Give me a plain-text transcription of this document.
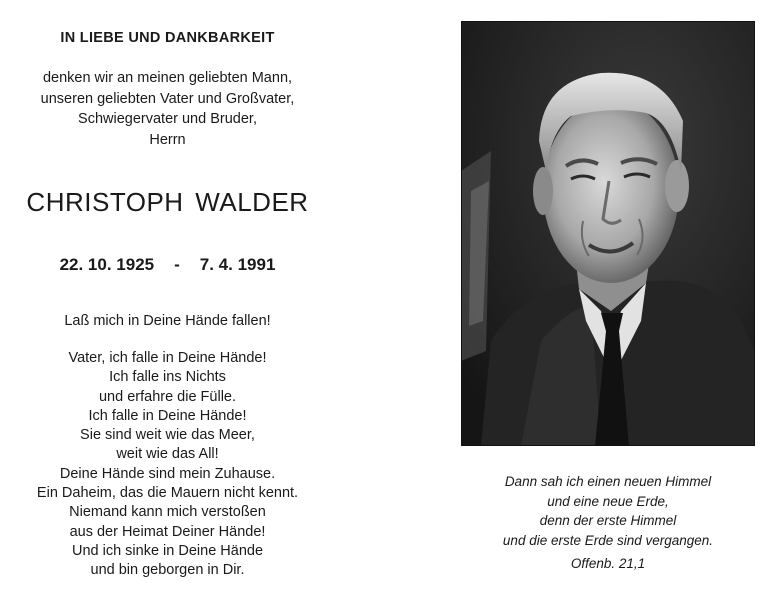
IN LIEBE UND DANKBARKEIT
denken wir an meinen geliebten Mann,
unseren geliebten Vater und Großvater,
Schwiegervater und Bruder,
Herrn
CHRISTOPH WALDER
22. 10. 1925 - 7. 4. 1991
Laß mich in Deine Hände fallen!
Vater, ich falle in Deine Hände!
Ich falle ins Nichts
und erfahre die Fülle.
Ich falle in Deine Hände!
Sie sind weit wie das Meer,
weit wie das All!
Deine Hände sind mein Zuhause.
Ein Daheim, das die Mauern nicht kennt.
Niemand kann mich verstoßen
aus der Heimat Deiner Hände!
Und ich sinke in Deine Hände
und bin geborgen in Dir.
Dann sah ich einen neuen Himmel
und eine neue Erde,
denn der erste Himmel
und die erste Erde sind vergangen.
Offenb. 21,1
